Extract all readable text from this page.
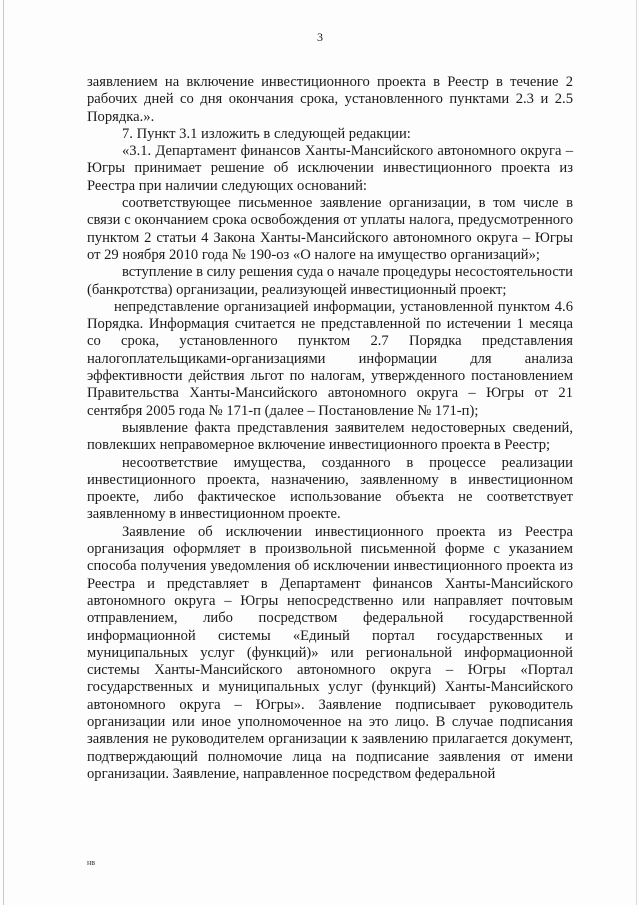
3

заявлением на включение инвестиционного проекта в Реестр в течение 2 рабочих дней со дня окончания срока, установленного пунктами 2.3 и 2.5 Порядка.».

7. Пункт 3.1 изложить в следующей редакции:

«3.1. Департамент финансов Ханты-Мансийского автономного округа – Югры принимает решение об исключении инвестиционного проекта из Реестра при наличии следующих оснований:

соответствующее письменное заявление организации, в том числе в связи с окончанием срока освобождения от уплаты налога, предусмотренного пунктом 2 статьи 4 Закона Ханты-Мансийского автономного округа – Югры от 29 ноября 2010 года № 190-оз «О налоге на имущество организаций»;

вступление в силу решения суда о начале процедуры несостоятельности (банкротства) организации, реализующей инвестиционный проект;

непредставление организацией информации, установленной пунктом 4.6 Порядка. Информация считается не представленной по истечении 1 месяца со срока, установленного пунктом 2.7 Порядка представления налогоплательщиками-организациями информации для анализа эффективности действия льгот по налогам, утвержденного постановлением Правительства Ханты-Мансийского автономного округа – Югры от 21 сентября 2005 года № 171-п (далее – Постановление № 171-п);

выявление факта представления заявителем недостоверных сведений, повлекших неправомерное включение инвестиционного проекта в Реестр;

несоответствие имущества, созданного в процессе реализации инвестиционного проекта, назначению, заявленному в инвестиционном проекте, либо фактическое использование объекта не соответствует заявленному в инвестиционном проекте.

Заявление об исключении инвестиционного проекта из Реестра организация оформляет в произвольной письменной форме с указанием способа получения уведомления об исключении инвестиционного проекта из Реестра и представляет в Департамент финансов Ханты-Мансийского автономного округа – Югры непосредственно или направляет почтовым отправлением, либо посредством федеральной государственной информационной системы «Единый портал государственных и муниципальных услуг (функций)» или региональной информационной системы Ханты-Мансийского автономного округа – Югры «Портал государственных и муниципальных услуг (функций) Ханты-Мансийского автономного округа – Югры». Заявление подписывает руководитель организации или иное уполномоченное на это лицо. В случае подписания заявления не руководителем организации к заявлению прилагается документ, подтверждающий полномочие лица на подписание заявления от имени организации. Заявление, направленное посредством федеральной

нв
